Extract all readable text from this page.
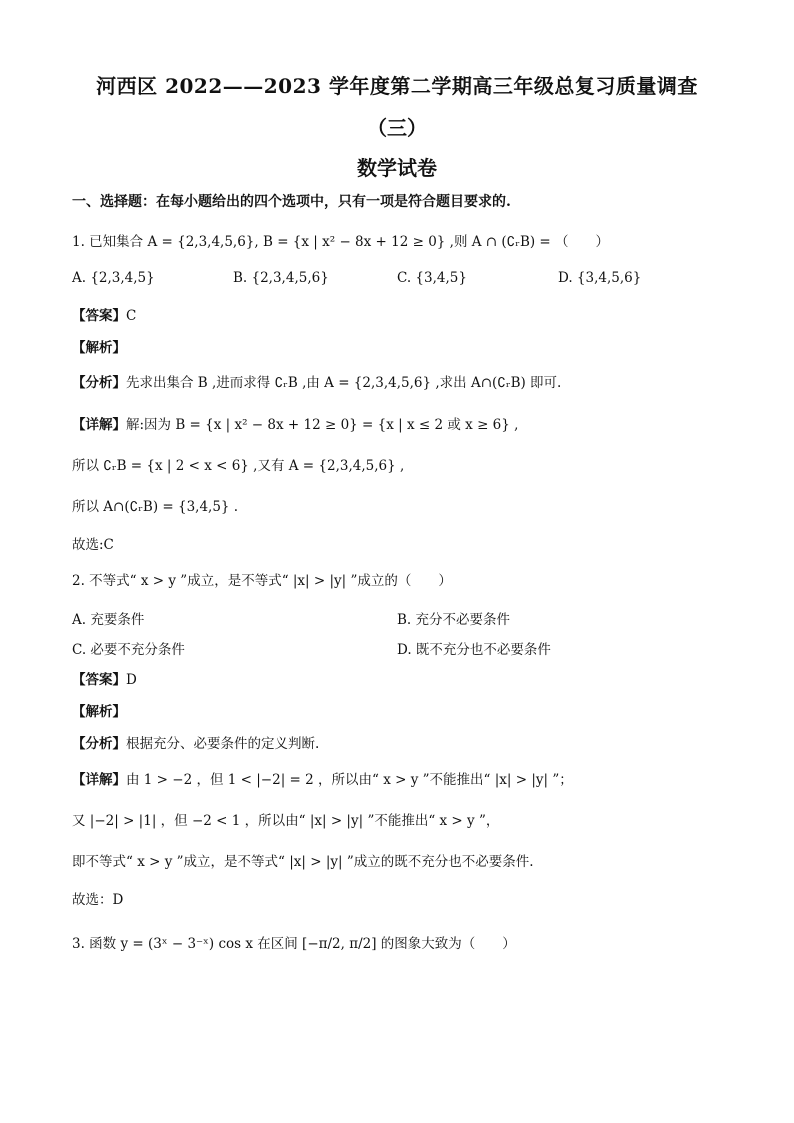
河西区 2022——2023 学年度第二学期高三年级总复习质量调查
（三）
数学试卷
一、选择题：在每小题给出的四个选项中，只有一项是符合题目要求的.
1. 已知集合 A = {2,3,4,5,6}, B = {x | x² − 8x + 12 ≥ 0} ,则 A ∩ (∁ᵣB) = （　　）
A. {2,3,4,5}	B. {2,3,4,5,6}	C. {3,4,5}	D. {3,4,5,6}
【答案】C
【解析】
【分析】先求出集合 B ,进而求得 ∁ᵣB ,由 A = {2,3,4,5,6} ,求出 A∩(∁ᵣB) 即可.
【详解】解:因为 B = {x | x² − 8x + 12 ≥ 0} = {x | x ≤ 2 或 x ≥ 6} ,
所以 ∁ᵣB = {x | 2 < x < 6} ,又有 A = {2,3,4,5,6} ,
所以 A∩(∁ᵣB) = {3,4,5} .
故选:C
2. 不等式“ x > y ”成立，是不等式“ |x| > |y| ”成立的（　　）
A. 充要条件	B. 充分不必要条件
C. 必要不充分条件	D. 既不充分也不必要条件
【答案】D
【解析】
【分析】根据充分、必要条件的定义判断.
【详解】由 1 > −2 ，但 1 < |−2| = 2 ，所以由“ x > y ”不能推出“ |x| > |y| ”；
又 |−2| > |1| ，但 −2 < 1 ，所以由“ |x| > |y| ”不能推出“ x > y ”，
即不等式“ x > y ”成立，是不等式“ |x| > |y| ”成立的既不充分也不必要条件.
故选：D
3. 函数 y = (3ˣ − 3⁻ˣ) cos x 在区间 [−π/2, π/2] 的图象大致为（　　）
